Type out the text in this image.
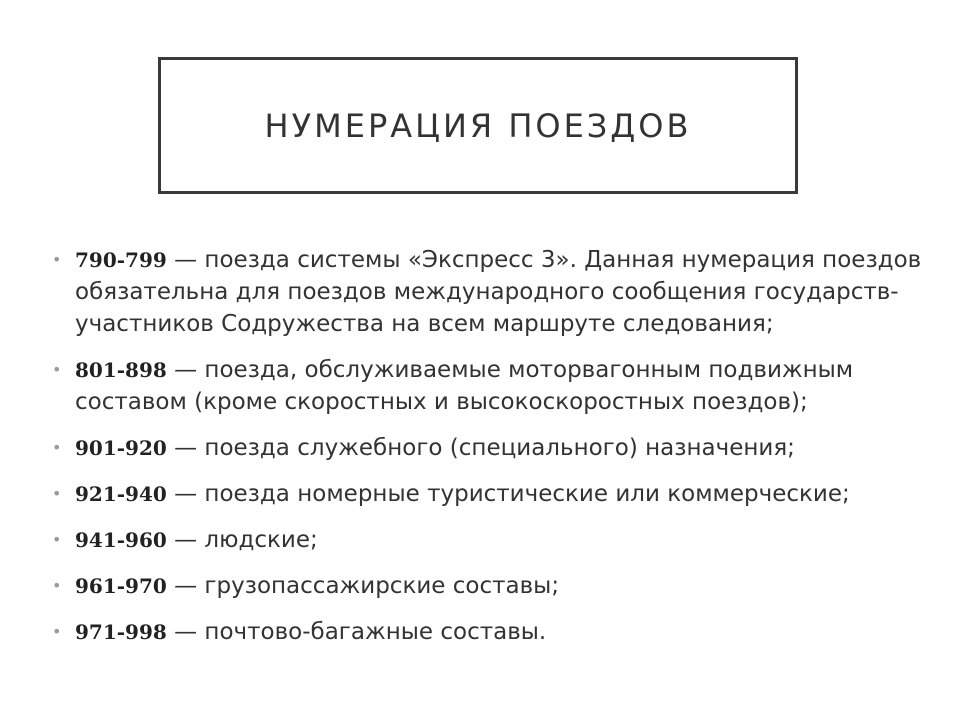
НУМЕРАЦИЯ ПОЕЗДОВ
• 790-799 — поезда системы «Экспресс 3». Данная нумерация поездов обязательна для поездов международного сообщения государств-участников Содружества на всем маршруте следования;
• 801-898 — поезда, обслуживаемые моторвагонным подвижным составом (кроме скоростных и высокоскоростных поездов);
• 901-920 — поезда служебного (специального) назначения;
• 921-940 — поезда номерные туристические или коммерческие;
• 941-960 — людские;
• 961-970 — грузопассажирские составы;
• 971-998 — почтово-багажные составы.
